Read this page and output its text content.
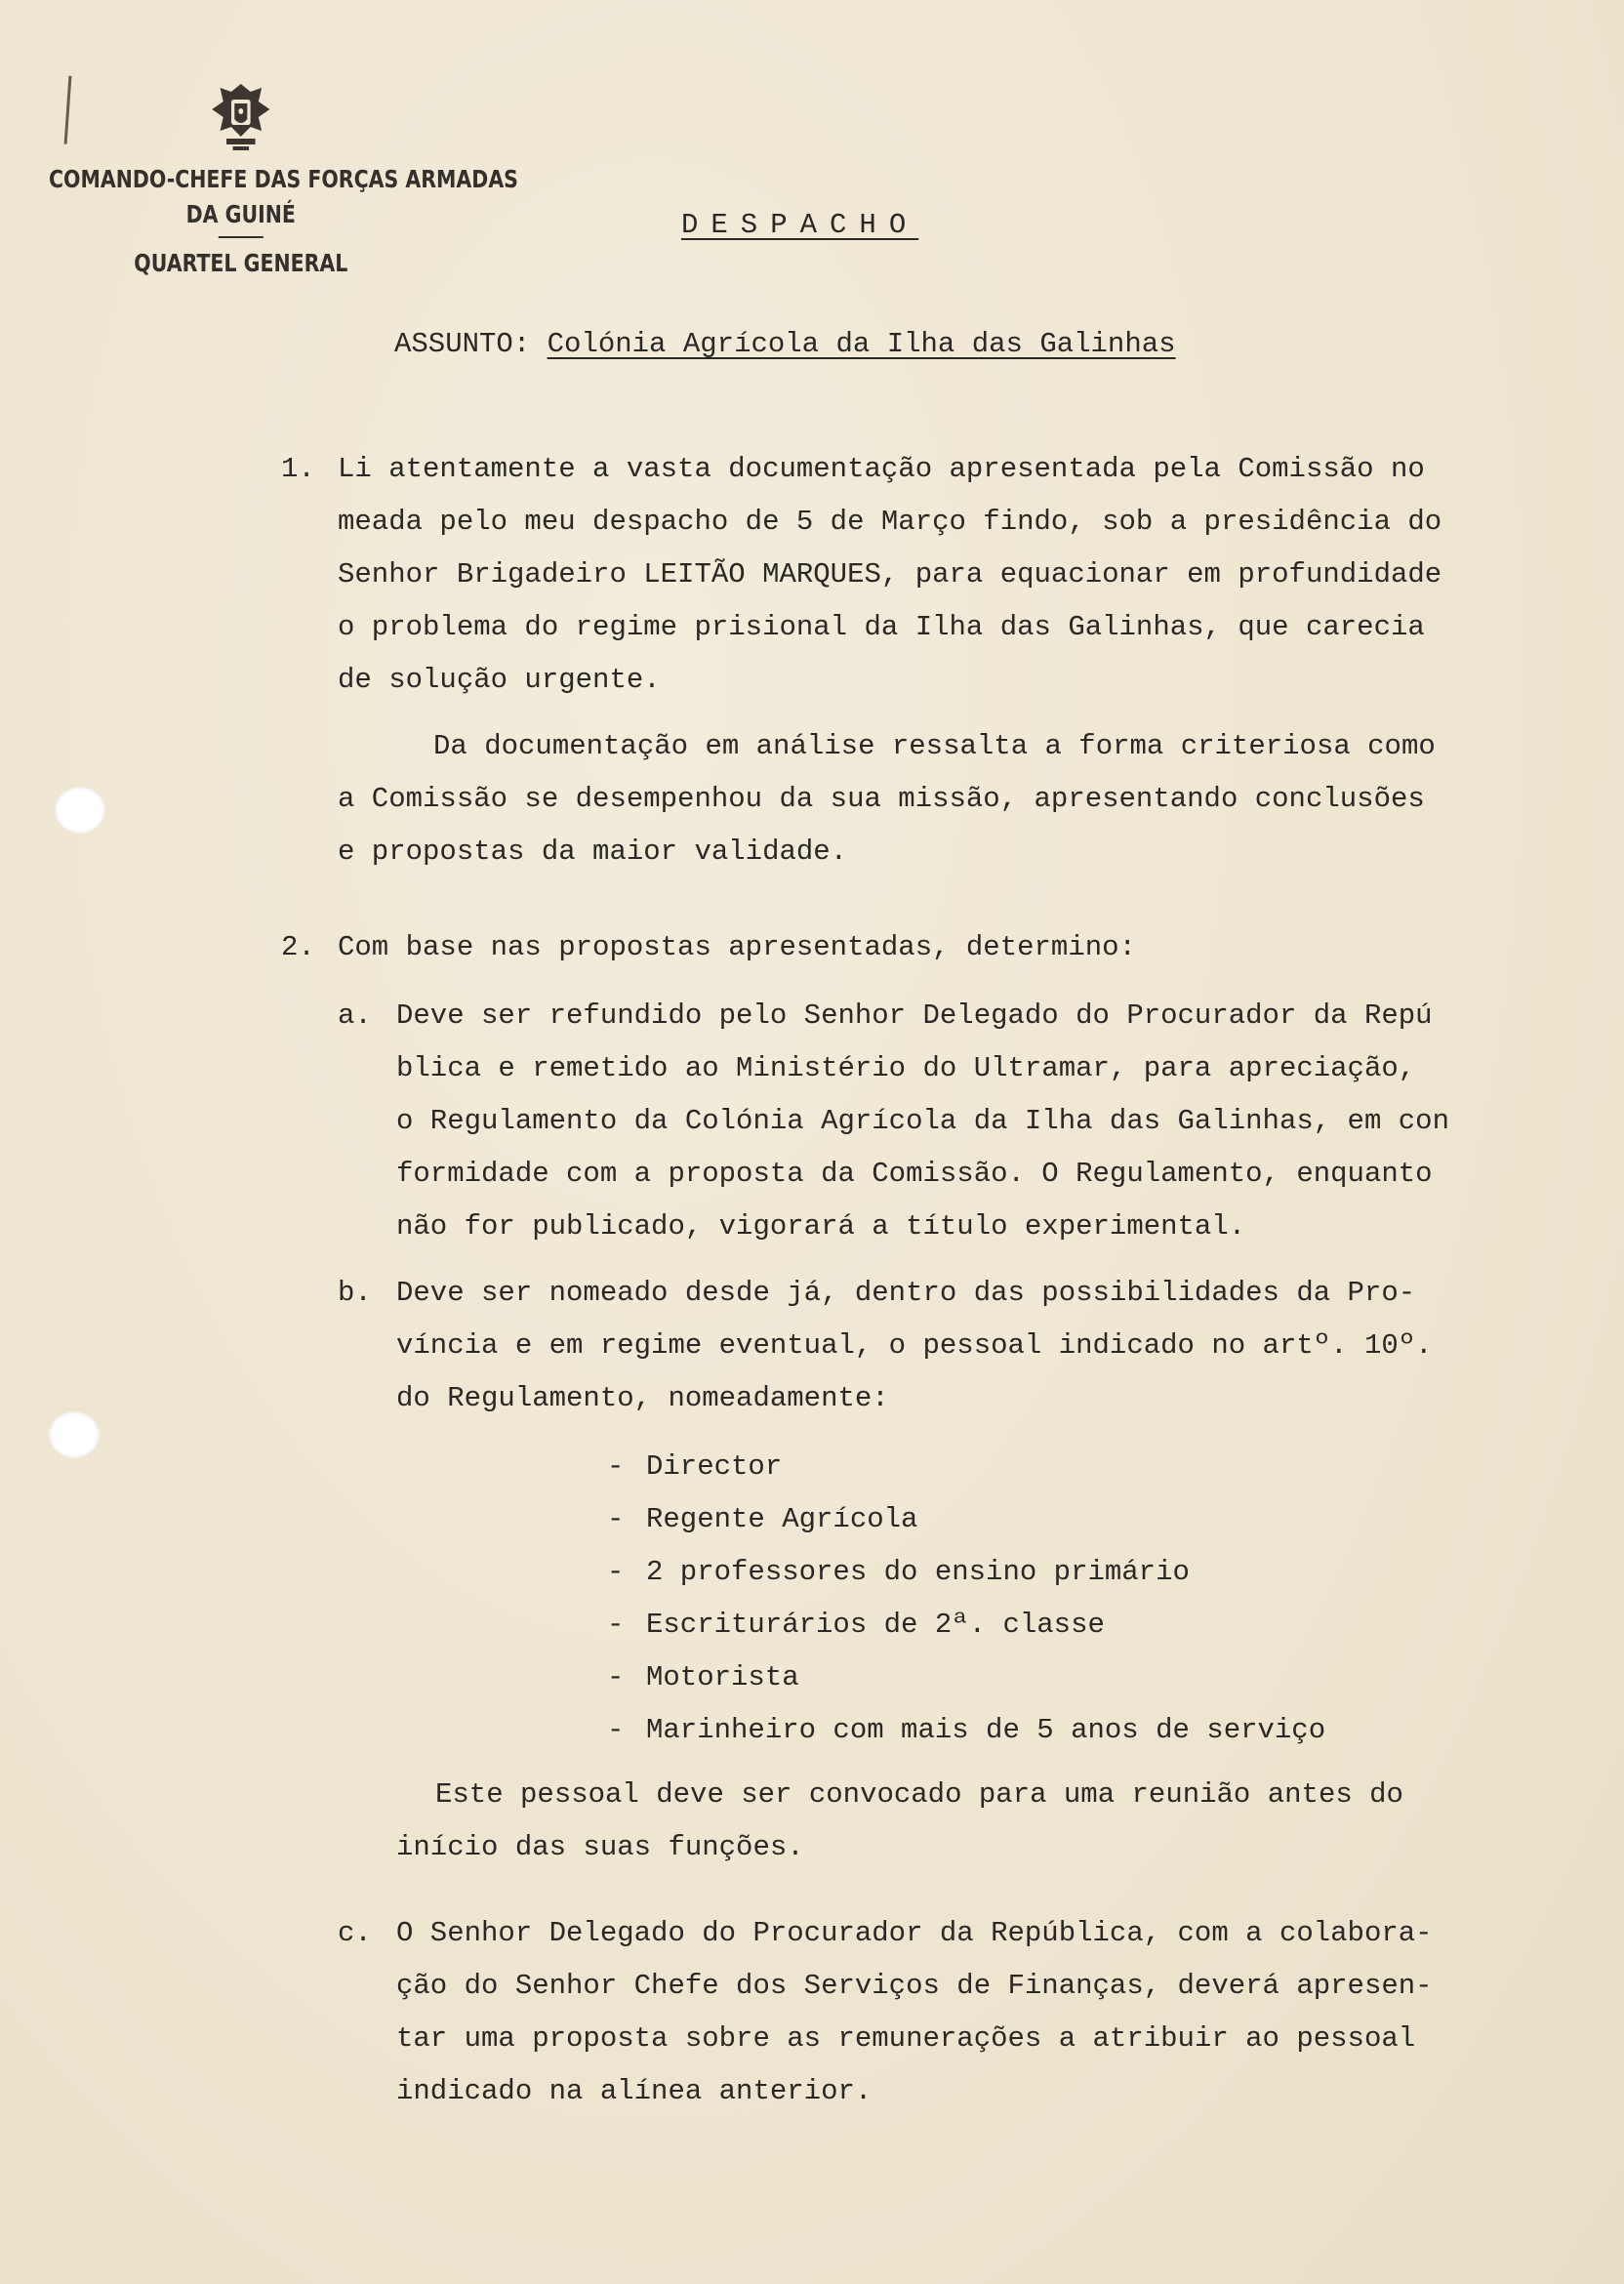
COMANDO-CHEFE DAS FORÇAS ARMADAS
DA GUINÉ
QUARTEL GENERAL
DESPACHO
ASSUNTO: Colónia Agrícola da Ilha das Galinhas
1. Li atentamente a vasta documentação apresentada pela Comissão no
meada pelo meu despacho de 5 de Março findo, sob a presidência do
Senhor Brigadeiro LEITÃO MARQUES, para equacionar em profundidade
o problema do regime prisional da Ilha das Galinhas, que carecia
de solução urgente.
Da documentação em análise ressalta a forma criteriosa como
a Comissão se desempenhou da sua missão, apresentando conclusões
e propostas da maior validade.
2. Com base nas propostas apresentadas, determino:
a. Deve ser refundido pelo Senhor Delegado do Procurador da Repú
blica e remetido ao Ministério do Ultramar, para apreciação,
o Regulamento da Colónia Agrícola da Ilha das Galinhas, em con
formidade com a proposta da Comissão. O Regulamento, enquanto
não for publicado, vigorará a título experimental.
b. Deve ser nomeado desde já, dentro das possibilidades da Pro-
víncia e em regime eventual, o pessoal indicado no artº. 10º.
do Regulamento, nomeadamente:
- Director
- Regente Agrícola
- 2 professores do ensino primário
- Escriturários de 2ª. classe
- Motorista
- Marinheiro com mais de 5 anos de serviço
Este pessoal deve ser convocado para uma reunião antes do
início das suas funções.
c. O Senhor Delegado do Procurador da República, com a colabora-
ção do Senhor Chefe dos Serviços de Finanças, deverá apresen-
tar uma proposta sobre as remunerações a atribuir ao pessoal
indicado na alínea anterior.
